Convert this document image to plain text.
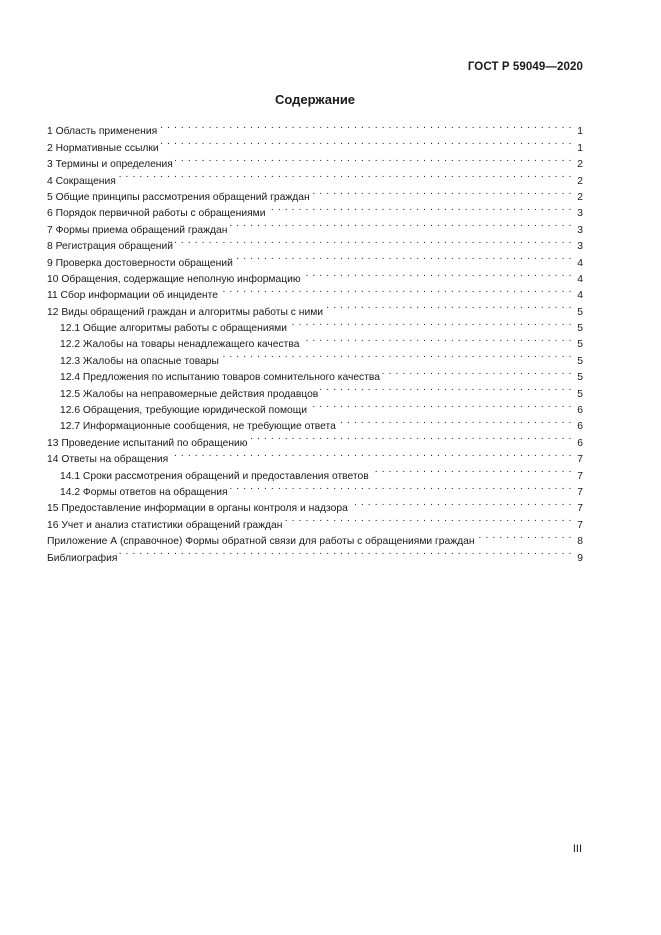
ГОСТ Р 59049—2020
Содержание
1 Область применения . . .	1
2 Нормативные ссылки . . .	1
3 Термины и определения . . .	2
4 Сокращения . . .	2
5 Общие принципы рассмотрения обращений граждан . . .	2
6 Порядок первичной работы с обращениями . . .	3
7 Формы приема обращений граждан . . .	3
8 Регистрация обращений . . .	3
9 Проверка достоверности обращений . . .	4
10 Обращения, содержащие неполную информацию . . .	4
11 Сбор информации об инциденте . . .	4
12 Виды обращений граждан и алгоритмы работы с ними . . .	5
12.1 Общие алгоритмы работы с обращениями . . .	5
12.2 Жалобы на товары ненадлежащего качества . . .	5
12.3 Жалобы на опасные товары . . .	5
12.4 Предложения по испытанию товаров сомнительного качества . . .	5
12.5 Жалобы на неправомерные действия продавцов . . .	5
12.6 Обращения, требующие юридической помощи . . .	6
12.7 Информационные сообщения, не требующие ответа . . .	6
13 Проведение испытаний по обращению . . .	6
14 Ответы на обращения . . .	7
14.1 Сроки рассмотрения обращений и предоставления ответов . . .	7
14.2 Формы ответов на обращения . . .	7
15 Предоставление информации в органы контроля и надзора . . .	7
16 Учет и анализ статистики обращений граждан . . .	7
Приложение А (справочное) Формы обратной связи для работы с обращениями граждан . . .	8
Библиография . . .	9
III
